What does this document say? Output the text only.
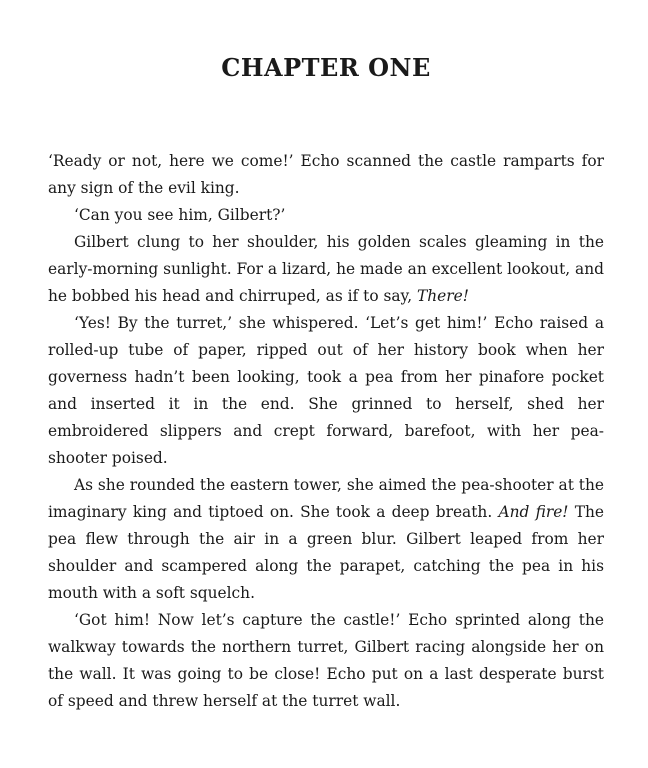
CHAPTER ONE

‘Ready or not, here we come!’ Echo scanned the castle ramparts for any sign of the evil king.

‘Can you see him, Gilbert?’

Gilbert clung to her shoulder, his golden scales gleaming in the early-morning sunlight. For a lizard, he made an excellent lookout, and he bobbed his head and chirruped, as if to say, There!

‘Yes! By the turret,’ she whispered. ‘Let’s get him!’ Echo raised a rolled-up tube of paper, ripped out of her history book when her governess hadn’t been looking, took a pea from her pinafore pocket and inserted it in the end. She grinned to herself, shed her embroidered slippers and crept forward, barefoot, with her pea-shooter poised.

As she rounded the eastern tower, she aimed the pea-shooter at the imaginary king and tiptoed on. She took a deep breath. And fire! The pea flew through the air in a green blur. Gilbert leaped from her shoulder and scampered along the parapet, catching the pea in his mouth with a soft squelch.

‘Got him! Now let’s capture the castle!’ Echo sprinted along the walkway towards the northern turret, Gilbert racing alongside her on the wall. It was going to be close! Echo put on a last desperate burst of speed and threw herself at the turret wall.
